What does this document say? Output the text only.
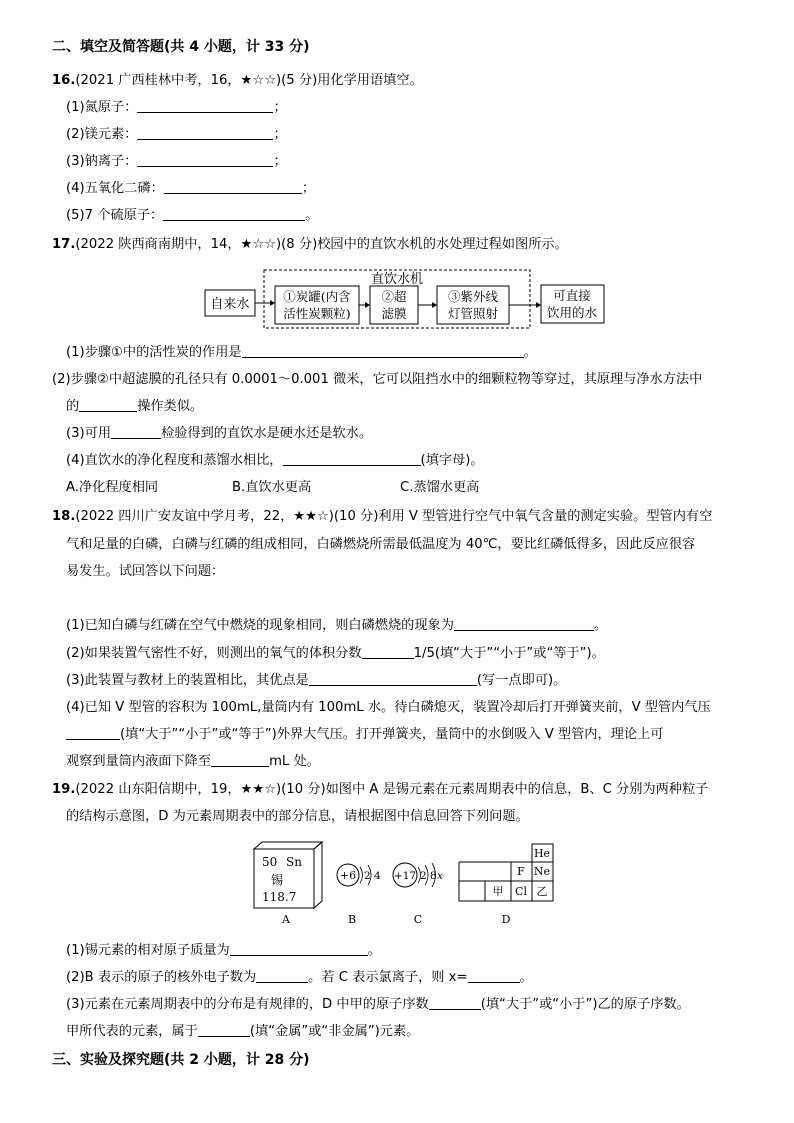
二、填空及简答题(共 4 小题，计 33 分)
16.(2021 广西桂林中考，16，★☆☆)(5 分)用化学用语填空。
(1)氮原子：	；
(2)镁元素：	；
(3)钠离子：	；
(4)五氧化二磷：	；
(5)7 个硫原子：	。
17.(2022 陕西商南期中，14，★☆☆)(8 分)校园中的直饮水机的水处理过程如图所示。
直饮水机
自来水
①炭罐(内含
活性炭颗粒)
②超
滤膜
③紫外线
灯管照射
可直接
饮用的水
(1)步骤①中的活性炭的作用是	。
(2)步骤②中超滤膜的孔径只有 0.0001～0.001 微米，它可以阻挡水中的细颗粒物等穿过，其原理与净水方法中
的	操作类似。
(3)可用	检验得到的直饮水是硬水还是软水。
(4)直饮水的净化程度和蒸馏水相比，	(填字母)。
A.净化程度相同	B.直饮水更高	C.蒸馏水更高
18.(2022 四川广安友谊中学月考，22，★★☆)(10 分)利用 V 型管进行空气中氧气含量的测定实验。型管内有空
气和足量的白磷，白磷与红磷的组成相同，白磷燃烧所需最低温度为 40℃，要比红磷低得多，因此反应很容
易发生。试回答以下问题：
(1)已知白磷与红磷在空气中燃烧的现象相同，则白磷燃烧的现象为	。
(2)如果装置气密性不好，则测出的氧气的体积分数	1/5(填“大于”“小于”或“等于”)。
(3)此装置与教材上的装置相比，其优点是	(写一点即可)。
(4)已知 V 型管的容积为 100mL,量筒内有 100mL 水。待白磷熄灭，装置冷却后打开弹簧夹前，V 型管内气压
(填“大于”“小于”或“等于”)外界大气压。打开弹簧夹，量筒中的水倒吸入 V 型管内，理论上可
观察到量筒内液面下降至	mL 处。
19.(2022 山东阳信期中，19，★★☆)(10 分)如图中 A 是锡元素在元素周期表中的信息，B、C 分别为两种粒子
的结构示意图，D 为元素周期表中的部分信息，请根据图中信息回答下列问题。
50 Sn
锡
118.7
A
+6 2 4
B
+17 2 8 x
C
He
F Ne
甲 Cl 乙
D
(1)锡元素的相对原子质量为	。
(2)B 表示的原子的核外电子数为	。若 C 表示氯离子，则 x=	。
(3)元素在元素周期表中的分布是有规律的，D 中甲的原子序数	(填“大于”或“小于”)乙的原子序数。
甲所代表的元素，属于	(填“金属”或“非金属”)元素。
三、实验及探究题(共 2 小题，计 28 分)
